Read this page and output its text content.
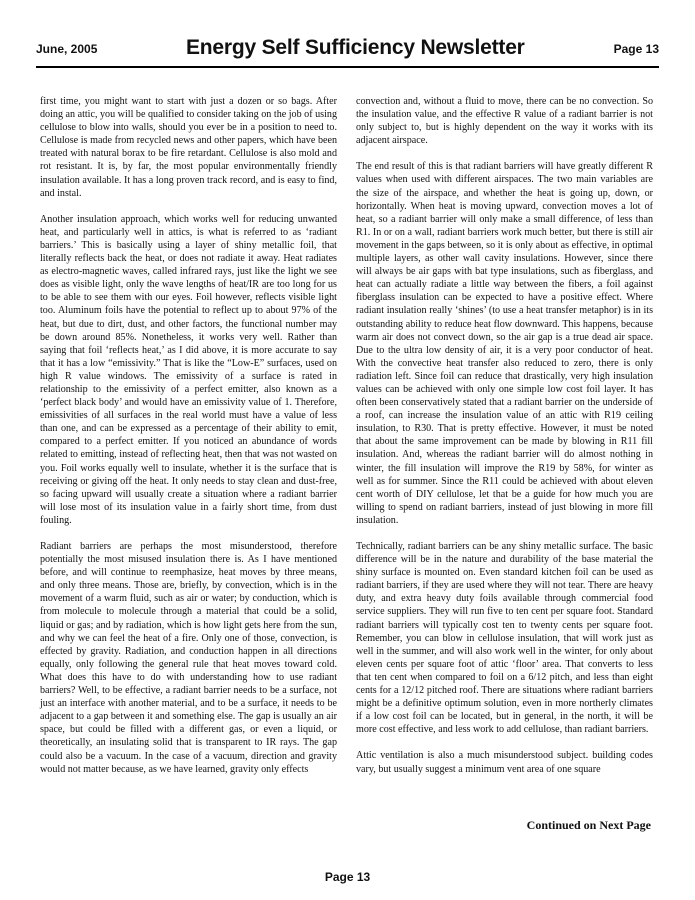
June, 2005	Energy Self Sufficiency Newsletter	Page 13

first time, you might want to start with just a dozen or so bags. After doing an attic, you will be qualified to consider taking on the job of using cellulose to blow into walls, should you ever be in a position to need to. Cellulose is made from recycled news and other papers, which have been treated with natural borax to be fire retardant. Cellulose is also mold and rot resistant. It is, by far, the most popular environmentally friendly insulation available. It has a long proven track record, and is easy to find, and instal.

Another insulation approach, which works well for reducing unwanted heat, and particularly well in attics, is what is referred to as ‘radiant barriers.’ This is basically using a layer of shiny metallic foil, that literally reflects back the heat, or does not radiate it away. Heat radiates as electro-magnetic waves, called infrared rays, just like the light we see does as visible light, only the wave lengths of heat/IR are too long for us to be able to see them with our eyes. Foil however, reflects visible light too. Aluminum foils have the potential to reflect up to about 97% of the heat, but due to dirt, dust, and other factors, the functional number may be down around 85%. Nonetheless, it works very well. Rather than saying that foil ‘reflects heat,’ as I did above, it is more accurate to say that it has a low “emissivity.” That is like the “Low-E” surfaces, used on high R value windows. The emissivity of a surface is rated in relationship to the emissivity of a perfect emitter, also known as a ‘perfect black body’ and would have an emissivity value of 1. Therefore, emissivities of all surfaces in the real world must have a value of less than one, and can be expressed as a percentage of their ability to emit, compared to a perfect emitter. If you noticed an abundance of words related to emitting, instead of reflecting heat, then that was not wasted on you. Foil works equally well to insulate, whether it is the surface that is receiving or giving off the heat. It only needs to stay clean and dust-free, so facing upward will usually create a situation where a radiant barrier will lose most of its insulation value in a fairly short time, from dust fouling.

Radiant barriers are perhaps the most misunderstood, therefore potentially the most misused insulation there is. As I have mentioned before, and will continue to reemphasize, heat moves by three means, and only three means. Those are, briefly, by convection, which is in the movement of a warm fluid, such as air or water; by conduction, which is from molecule to molecule through a material that could be a solid, liquid or gas; and by radiation, which is how light gets here from the sun, and why we can feel the heat of a fire. Only one of those, convection, is effected by gravity. Radiation, and conduction happen in all directions equally, only following the general rule that heat moves toward cold. What does this have to do with understanding how to use radiant barriers? Well, to be effective, a radiant barrier needs to be a surface, not just an interface with another material, and to be a surface, it needs to be adjacent to a gap between it and something else. The gap is usually an air space, but could be filled with a different gas, or even a liquid, or theoretically, an insulating solid that is transparent to IR rays. The gap could also be a vacuum. In the case of a vacuum, direction and gravity would not matter because, as we have learned, gravity only effects

convection and, without a fluid to move, there can be no convection. So the insulation value, and the effective R value of a radiant barrier is not only subject to, but is highly dependent on the way it works with its adjacent airspace.

The end result of this is that radiant barriers will have greatly different R values when used with different airspaces. The two main variables are the size of the airspace, and whether the heat is going up, down, or horizontally. When heat is moving upward, convection moves a lot of heat, so a radiant barrier will only make a small difference, of less than R1. In or on a wall, radiant barriers work much better, but there is still air movement in the gaps between, so it is only about as effective, in optimal multiple layers, as other wall cavity insulations. However, since there will always be air gaps with bat type insulations, such as fiberglass, and heat can actually radiate a little way between the fibers, a foil against fiberglass insulation can be expected to have a positive effect. Where radiant insulation really ‘shines’ (to use a heat transfer metaphor) is in its outstanding ability to reduce heat flow downward. This happens, because warm air does not convect down, so the air gap is a true dead air space. Due to the ultra low density of air, it is a very poor conductor of heat. With the convective heat transfer also reduced to zero, there is only radiation left. Since foil can reduce that drastically, very high insulation values can be achieved with only one simple low cost foil layer. It has often been conservatively stated that a radiant barrier on the underside of a roof, can increase the insulation value of an attic with R19 ceiling insulation, to R30. That is pretty effective. However, it must be noted that about the same improvement can be made by blowing in R11 fill insulation. And, whereas the radiant barrier will do almost nothing in winter, the fill insulation will improve the R19 by 58%, for winter as well as for summer. Since the R11 could be achieved with about eleven cent worth of DIY cellulose, let that be a guide for how much you are willing to spend on radiant barriers, instead of just blowing in more fill insulation.

Technically, radiant barriers can be any shiny metallic surface. The basic difference will be in the nature and durability of the base material the shiny surface is mounted on. Even standard kitchen foil can be used as radiant barriers, if they are used where they will not tear. There are heavy duty, and extra heavy duty foils available through commercial food service suppliers. They will run five to ten cent per square foot. Standard radiant barriers will typically cost ten to twenty cents per square foot. Remember, you can blow in cellulose insulation, that will work just as well in the summer, and will also work well in the winter, for only about eleven cents per square foot of attic ‘floor’ area. That converts to less that ten cent when compared to foil on a 6/12 pitch, and less than eight cents for a 12/12 pitched roof. There are situations where radiant barriers might be a definitive optimum solution, even in more northerly climates if a low cost foil can be located, but in general, in the north, it will be more cost effective, and less work to add cellulose, than radiant barriers.

Attic ventilation is also a much misunderstood subject. building codes vary, but usually suggest a minimum vent area of one square

Continued on Next Page
Page 13
